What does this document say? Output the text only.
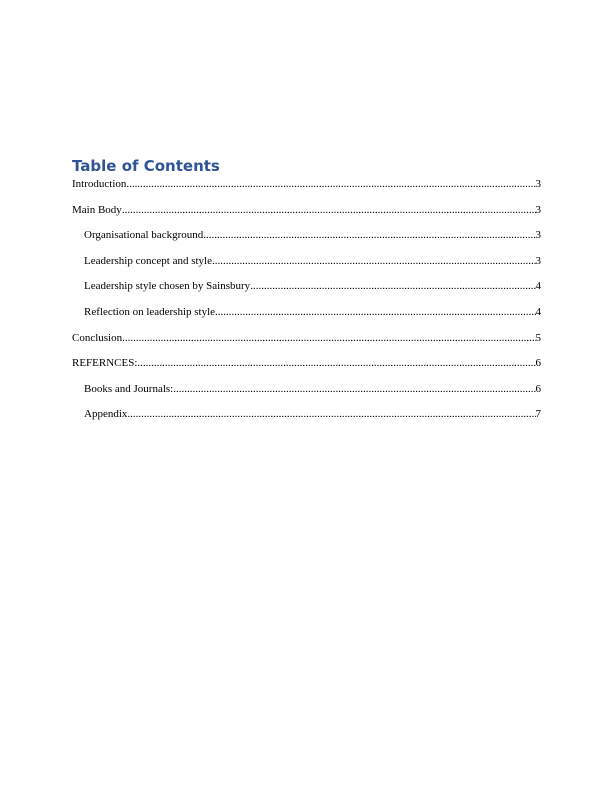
Table of Contents
Introduction .....	3
Main Body .....	3
Organisational background .....	3
Leadership concept and style .....	3
Leadership style chosen by Sainsbury .....	4
Reflection on leadership style .....	4
Conclusion .....	5
REFERNCES: .....	6
Books and Journals: .....	6
Appendix .....	7
